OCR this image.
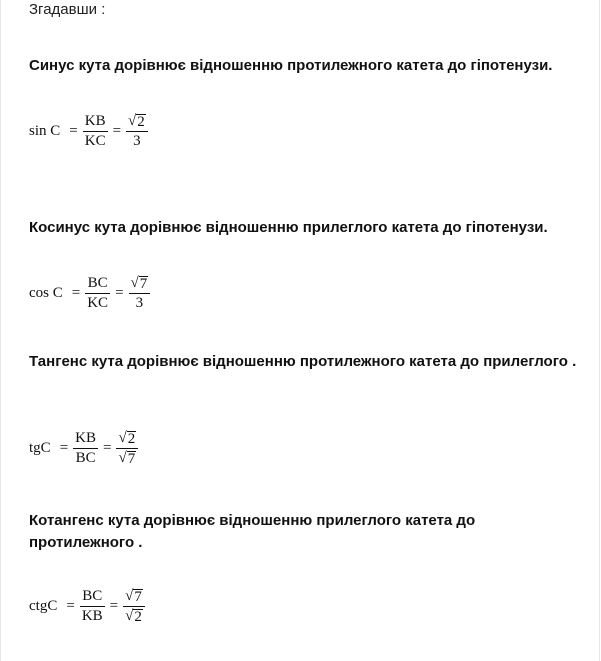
Згадавши :
Синус кута дорівнює відношенню протилежного катета до гіпотенузи.
$\sin C = \frac{KB}{KC} = \frac{√ 2}{3}$
Косинус кута дорівнює відношенню прилеглого катета до гіпотенузи.
$\cos C = \frac{BC}{KC} = \frac{√ 7}{3}$
Тангенс кута дорівнює відношенню протилежного катета до прилеглого .
tgC = $\frac{KB}{BC} = \frac{√ 2}{√ 7}$
Котангенс кута дорівнює відношенню прилеглого катета до протилежного .
ctgC = $\frac{BC}{KB} = \frac{√ 7}{√ 2}$
